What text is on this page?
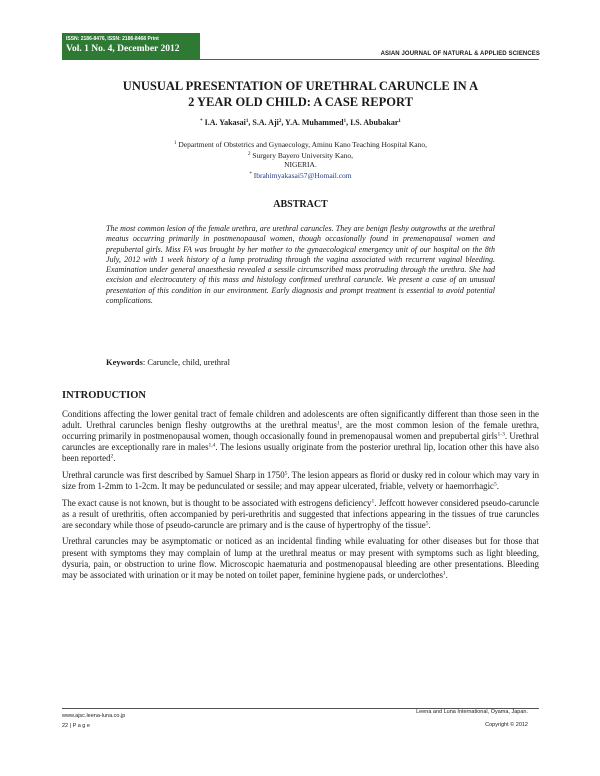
ISSN: 2186-8476, ISSN: 2186-8468 Print
Vol. 1 No. 4, December 2012	ASIAN JOURNAL OF NATURAL & APPLIED SCIENCES
UNUSUAL PRESENTATION OF URETHRAL CARUNCLE IN A
2 YEAR OLD CHILD: A CASE REPORT
* I.A. Yakasai$^1$, S.A. Aji$^2$, Y.A. Muhammed$^1$, I.S. Abubakar$^1$
$^1$ Department of Obstetrics and Gynaecology, Aminu Kano Teaching Hospital Kano,
$^2$ Surgery Bayero University Kano,
NIGERIA.
* Ibrahimyakasai57@Homail.com
ABSTRACT
The most common lesion of the female urethra, are urethral caruncles. They are benign fleshy outgrowths at the urethral meatus occurring primarily in postmenopausal women, though occasionally found in premenopausal women and prepubertal girls. Miss FA was brought by her mother to the gynaecological emergency unit of our hospital on the 8th July, 2012 with 1 week history of a lump protruding through the vagina associated with recurrent vaginal bleeding. Examination under general anaesthesia revealed a sessile circumscribed mass protruding through the urethra. She had excision and electrocautery of this mass and histology confirmed urethral caruncle. We present a case of an unusual presentation of this condition in our environment. Early diagnosis and prompt treatment is essential to avoid potential complications.
Keywords: Caruncle, child, urethral
INTRODUCTION

Conditions affecting the lower genital tract of female children and adolescents are often significantly different than those seen in the adult. Urethral caruncles benign fleshy outgrowths at the urethral meatus$^1$, are the most common lesion of the female urethra, occurring primarily in postmenopausal women, though occasionally found in premenopausal women and prepubertal girls$^{1-3}$. Urethral caruncles are exceptionally rare in males$^{1,4}$. The lesions usually originate from the posterior urethral lip, location other this have also been reported$^2$.

Urethral caruncle was first described by Samuel Sharp in 1750$^5$. The lesion appears as florid or dusky red in colour which may vary in size from 1-2mm to 1-2cm. It may be pedunculated or sessile; and may appear ulcerated, friable, velvety or haemorrhagic$^5$.

The exact cause is not known, but is thought to be associated with estrogens deficiency$^1$. Jeffcott however considered pseudo-caruncle as a result of urethritis, often accompanied by peri-urethritis and suggested that infections appearing in the tissues of true caruncles are secondary while those of pseudo-caruncle are primary and is the cause of hypertrophy of the tissue$^5$.

Urethral caruncles may be asymptomatic or noticed as an incidental finding while evaluating for other diseases but for those that present with symptoms they may complain of lump at the urethral meatus or may present with symptoms such as light bleeding, dysuria, pain, or obstruction to urine flow. Microscopic haematuria and postmenopausal bleeding are other presentations. Bleeding may be associated with urination or it may be noted on toilet paper, feminine hygiene pads, or underclothes$^1$.

www.ajsc.leena-luna.co.jp
22 | P a g e
Leena and Luna International, Oyama, Japan.
Copyright © 2012
